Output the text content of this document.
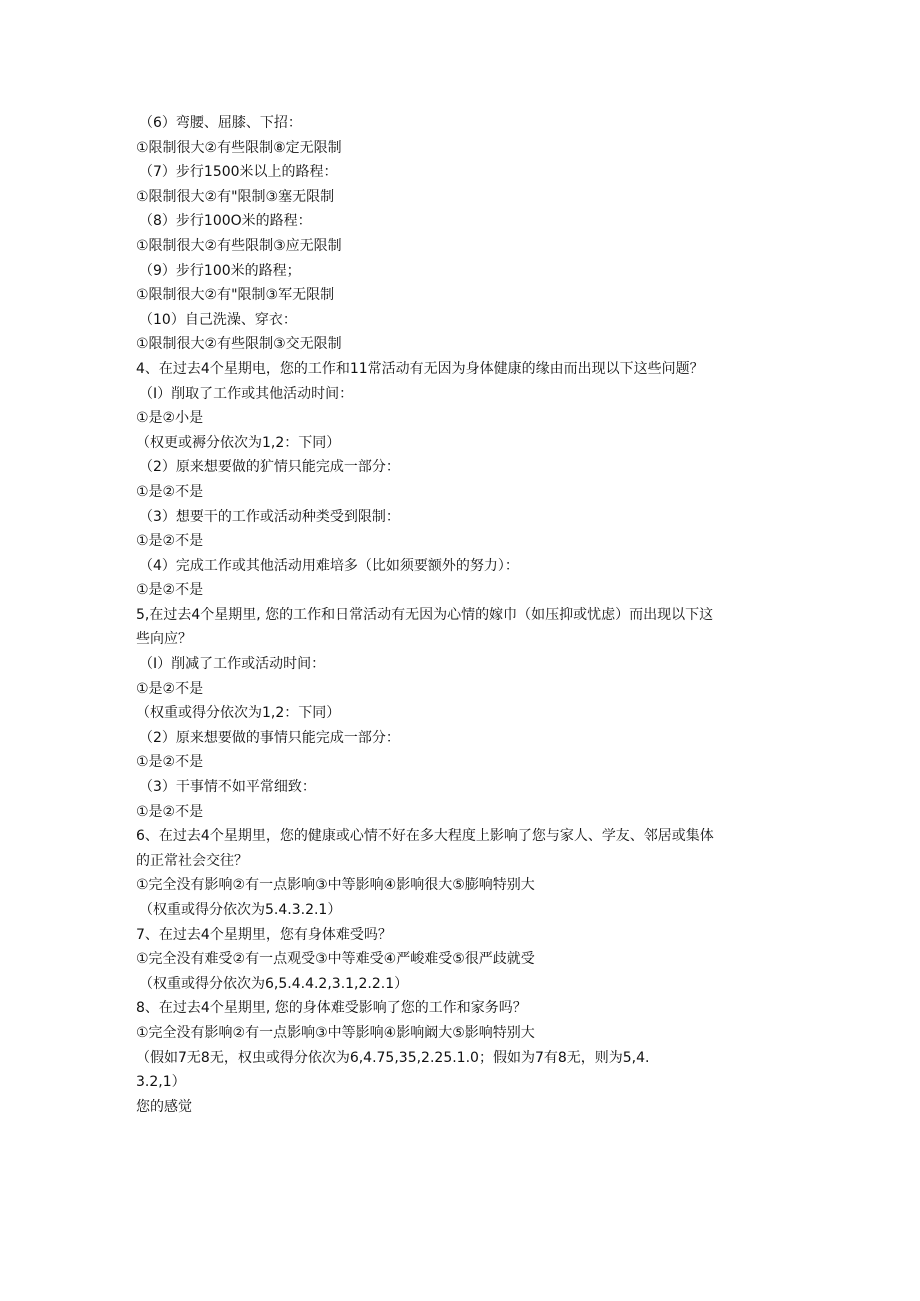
（6）弯腰、屈膝、下招：
①限制很大②有些限制⑧定无限制
（7）步行1500米以上的路程：
①限制很大②有"限制③塞无限制
（8）步行100O米的路程：
①限制很大②有些限制③应无限制
（9）步行100米的路程；
①限制很大②有"限制③军无限制
（10）自己洗澡、穿衣：
①限制很大②有些限制③交无限制
4、在过去4个星期电，您的工作和11常活动有无因为身体健康的缘由而出现以下这些问题？
（I）削取了工作或其他活动时间：
①是②小是
（权更或褥分依次为1,2：下同）
（2）原来想要做的犷情只能完成一部分：
①是②不是
（3）想要干的工作或活动种类受到限制：
①是②不是
（4）完成工作或其他活动用难培多（比如须要额外的努力）：
①是②不是
5,在过去4个星期里, 您的工作和日常活动有无因为心情的嫁巾（如压抑或忧虑）而出现以下这
些向应？
（I）削减了工作或活动时间：
①是②不是
（权重或得分依次为1,2：下同）
（2）原来想要做的事情只能完成一部分：
①是②不是
（3）干事情不如平常细致：
①是②不是
6、在过去4个星期里，您的健康或心情不好在多大程度上影响了您与家人、学友、邻居或集体
的正常社会交往？
①完全没有影响②有一点影响③中等影响④影响很大⑤膨响特别大
（权重或得分依次为5.4.3.2.1）
7、在过去4个星期里，您有身体难受吗？
①完全没有难受②有一点观受③中等难受④严峻难受⑤很严歧就受
（权重或得分依次为6,5.4.4.2,3.1,2.2.1）
8、在过去4个星期里, 您的身体难受影响了您的工作和家务吗？
①完全没有影响②有一点影响③中等影响④影响阚大⑤影响特别大
（假如7无8无，权虫或得分依次为6,4.75,35,2.25.1.0；假如为7有8无，则为5,4.
3.2,1）
您的感觉
